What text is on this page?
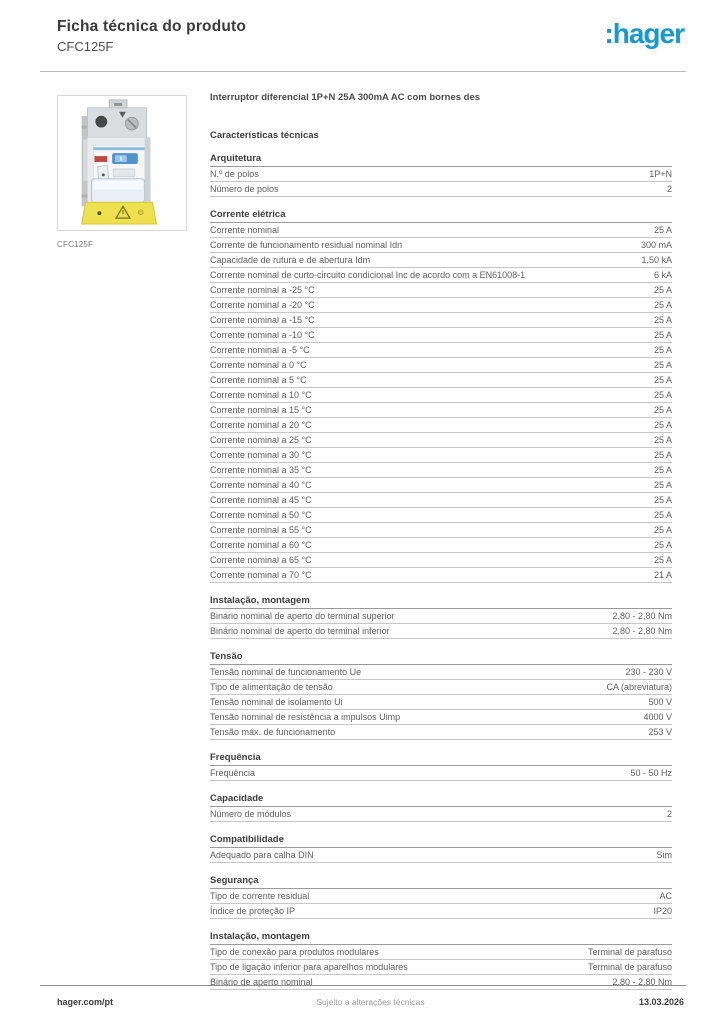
Ficha técnica do produto
CFC125F	:hager
CFC125F
Interruptor diferencial 1P+N 25A 300mA AC com bornes des
Características técnicas
Arquitetura
N.º de polos	1P+N
Número de polos	2
Corrente elétrica
Corrente nominal	25 A
Corrente de funcionamento residual nominal Idn	300 mA
Capacidade de rutura e de abertura Idm	1,50 kA
Corrente nominal de curto-circuito condicional Inc de acordo com a EN61008-1	6 kA
Corrente nominal a -25 °C	25 A
Corrente nominal a -20 °C	25 A
Corrente nominal a -15 °C	25 A
Corrente nominal a -10 °C	25 A
Corrente nominal a -5 °C	25 A
Corrente nominal a 0 °C	25 A
Corrente nominal a 5 °C	25 A
Corrente nominal a 10 °C	25 A
Corrente nominal a 15 °C	25 A
Corrente nominal a 20 °C	25 A
Corrente nominal a 25 °C	25 A
Corrente nominal a 30 °C	25 A
Corrente nominal a 35 °C	25 A
Corrente nominal a 40 °C	25 A
Corrente nominal a 45 °C	25 A
Corrente nominal a 50 °C	25 A
Corrente nominal a 55 °C	25 A
Corrente nominal a 60 °C	25 A
Corrente nominal a 65 °C	25 A
Corrente nominal a 70 °C	21 A
Instalação, montagem
Binário nominal de aperto do terminal superior	2,80 - 2,80 Nm
Binário nominal de aperto do terminal inferior	2,80 - 2,80 Nm
Tensão
Tensão nominal de funcionamento Ue	230 - 230 V
Tipo de alimentação de tensão	CA (abreviatura)
Tensão nominal de isolamento Ui	500 V
Tensão nominal de resistência a impulsos Uimp	4000 V
Tensão máx. de funcionamento	253 V
Frequência
Frequência	50 - 50 Hz
Capacidade
Número de módulos	2
Compatibilidade
Adequado para calha DIN	Sim
Segurança
Tipo de corrente residual	AC
Índice de proteção IP	IP20
Instalação, montagem
Tipo de conexão para produtos modulares	Terminal de parafuso
Tipo de ligação inferior para aparelhos modulares	Terminal de parafuso
Binário de aperto nominal	2,80 - 2,80 Nm
hager.com/pt	Sujeito a alterações técnicas	13.03.2026
